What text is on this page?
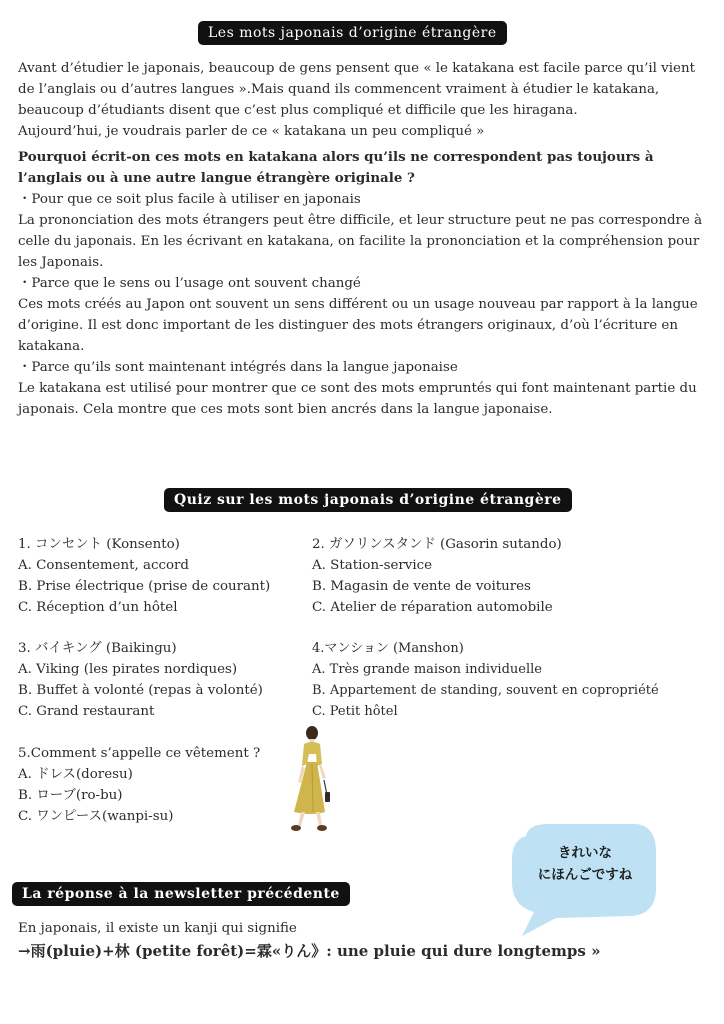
Les mots japonais d’origine étrangère

Avant d’étudier le japonais, beaucoup de gens pensent que « le katakana est facile parce qu’il vient de l’anglais ou d’autres langues ».Mais quand ils commencent vraiment à étudier le katakana, beaucoup d’étudiants disent que c’est plus compliqué et difficile que les hiragana.

Aujourd’hui, je voudrais parler de ce « katakana un peu compliqué »

Pourquoi écrit-on ces mots en katakana alors qu’ils ne correspondent pas toujours à l’anglais ou à une autre langue étrangère originale ?

・Pour que ce soit plus facile à utiliser en japonais

La prononciation des mots étrangers peut être difficile, et leur structure peut ne pas correspondre à celle du japonais. En les écrivant en katakana, on facilite la prononciation et la compréhension pour les Japonais.

・Parce que le sens ou l’usage ont souvent changé

Ces mots créés au Japon ont souvent un sens différent ou un usage nouveau par rapport à la langue d’origine. Il est donc important de les distinguer des mots étrangers originaux, d’où l’écriture en katakana.

・Parce qu’ils sont maintenant intégrés dans la langue japonaise

Le katakana est utilisé pour montrer que ce sont des mots empruntés qui font maintenant partie du japonais. Cela montre que ces mots sont bien ancrés dans la langue japonaise.

Quiz sur les mots japonais d’origine étrangère
1. コンセント (Konsento)
A. Consentement, accord
B. Prise électrique (prise de courant)
C. Réception d’un hôtel
2. ガソリンスタンド (Gasorin sutando)
A. Station-service
B. Magasin de vente de voitures
C. Atelier de réparation automobile
3. バイキング (Baikingu)
A. Viking (les pirates nordiques)
B. Buffet à volonté (repas à volonté)
C. Grand restaurant
4.マンション (Manshon)
A. Très grande maison individuelle
B. Appartement de standing, souvent en copropriété
C. Petit hôtel
5.Comment s’appelle ce vêtement ?
A. ドレス(doresu)
B. ローブ(ro-bu)
C. ワンピース(wanpi-su)
きれいな
にほんごですね
La réponse à la newsletter précédente
En japonais, il existe un kanji qui signifie
→雨(pluie)+林 (petite forêt)=霖«りん》: une pluie qui dure longtemps »
